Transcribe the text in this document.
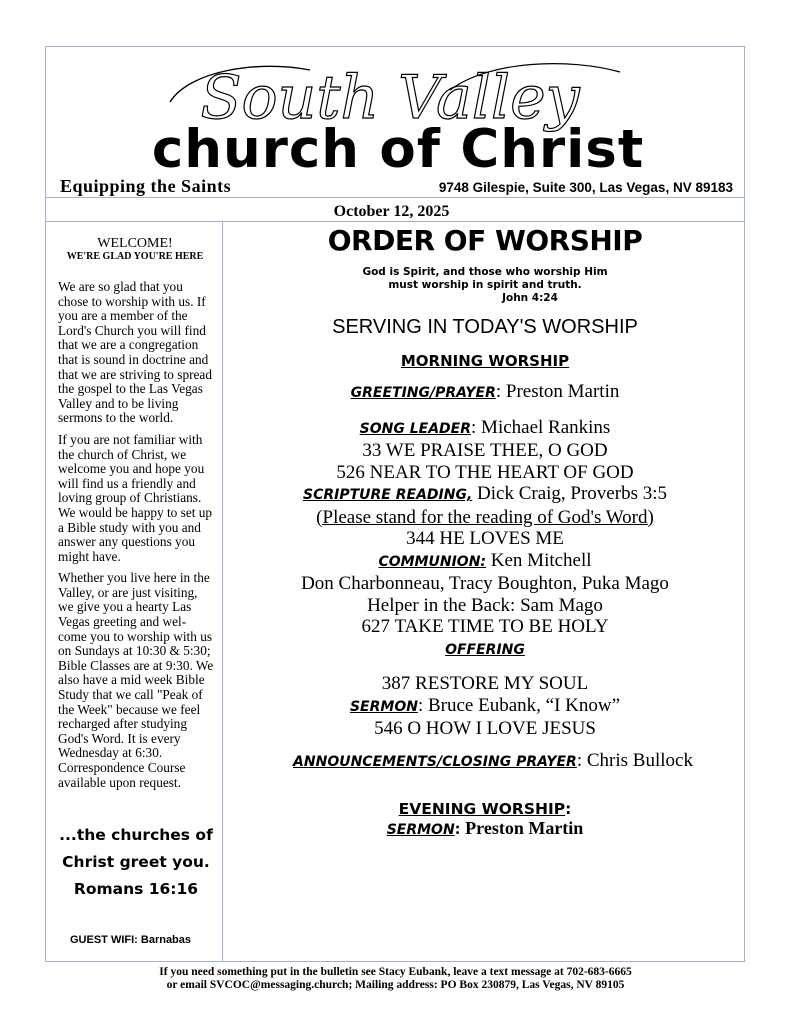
South Valley
church of Christ
Equipping the Saints	9748 Gilespie, Suite 300, Las Vegas, NV 89183
October 12, 2025
WELCOME!
WE'RE GLAD YOU'RE HERE

We are so glad that you chose to worship with us. If you are a member of the Lord's Church you will find that we are a congregation that is sound in doctrine and that we are striving to spread the gospel to the Las Vegas Valley and to be living sermons to the world.

If you are not familiar with the church of Christ, we welcome you and hope you will find us a friendly and loving group of Christians. We would be happy to set up a Bible study with you and answer any questions you might have.

Whether you live here in the Valley, or are just visiting, we give you a hearty Las Vegas greeting and wel-come you to worship with us on Sundays at 10:30 & 5:30; Bible Classes are at 9:30. We also have a mid week Bible Study that we call "Peak of the Week" because we feel recharged after studying God's Word. It is every Wednesday at 6:30. Correspondence Course available upon request.

...the churches of
Christ greet you.
Romans 16:16
GUEST WIFI: Barnabas
ORDER OF WORSHIP
God is Spirit, and those who worship Him
must worship in spirit and truth.
John 4:24
SERVING IN TODAY'S WORSHIP
MORNING WORSHIP
GREETING/PRAYER: Preston Martin
SONG LEADER: Michael Rankins
33 WE PRAISE THEE, O GOD
526 NEAR TO THE HEART OF GOD
SCRIPTURE READING, Dick Craig, Proverbs 3:5
(Please stand for the reading of God's Word)
344 HE LOVES ME
COMMUNION: Ken Mitchell
Don Charbonneau, Tracy Boughton, Puka Mago
Helper in the Back: Sam Mago
627 TAKE TIME TO BE HOLY
OFFERING
387 RESTORE MY SOUL
SERMON: Bruce Eubank, “I Know”
546 O HOW I LOVE JESUS
ANNOUNCEMENTS/CLOSING PRAYER: Chris Bullock
EVENING WORSHIP:
SERMON: Preston Martin
If you need something put in the bulletin see Stacy Eubank, leave a text message at 702-683-6665
or email SVCOC@messaging.church; Mailing address: PO Box 230879, Las Vegas, NV 89105
